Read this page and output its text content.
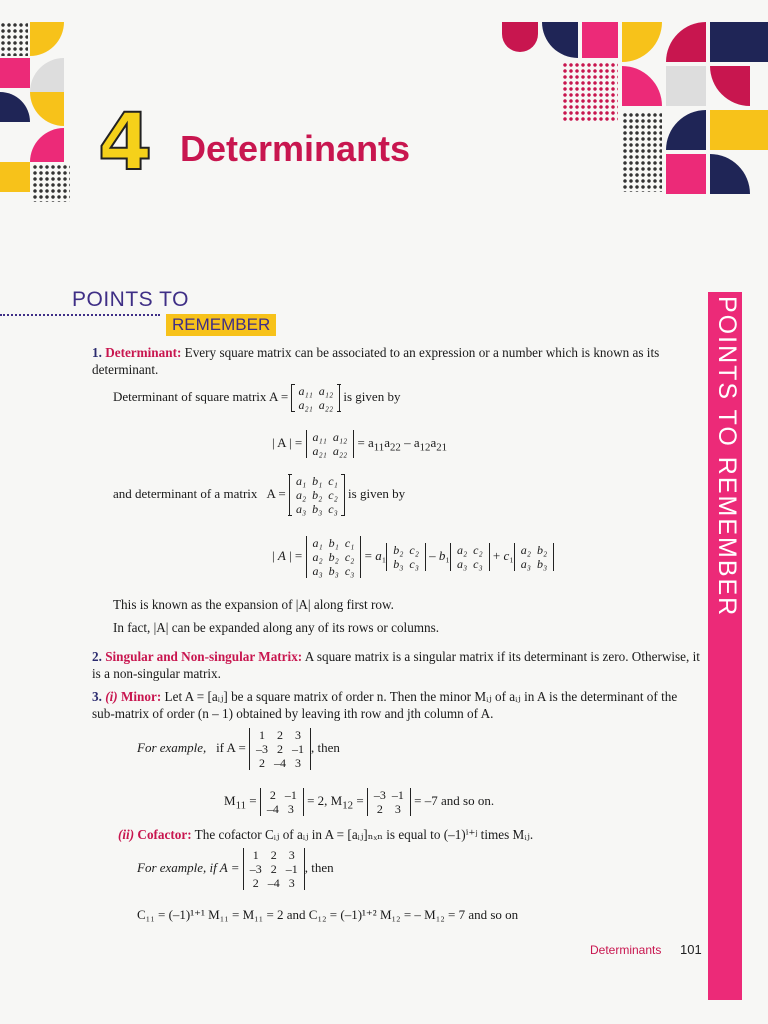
4 Determinants
POINTS TO
REMEMBER	POINTS TO REMEMBER
1. Determinant: Every square matrix can be associated to an expression or a number which is known as its determinant.
Determinant of square matrix A = a₁₁	a₁₂
a₂₁	a₂₂
is given by
| A | = a₁₁	a₁₂
a₂₁	a₂₂
= $a_{11}a_{22} - a_{12}a_{21}$
and determinant of a matrix A =
a₁	b₁	c₁
a₂	b₂	c₂
a₃	b₃	c₃
is given by
| A | =
a₁	b₁	c₁
a₂	b₂	c₂
a₃	b₃	c₃
= a₁ b₂	c₂
b₃	c₃
– b₁ a₂	c₂
a₃	c₃
+ c₁ a₂	b₂
a₃	b₃
This is known as the expansion of |A| along first row.
In fact, |A| can be expanded along any of its rows or columns.
2. Singular and Non-singular Matrix: A square matrix is a singular matrix if its determinant is zero. Otherwise, it is a non-singular matrix.
3. (i) Minor: Let A = [aᵢⱼ] be a square matrix of order n. Then the minor Mᵢⱼ of aᵢⱼ in A is the determinant of the sub-matrix of order (n – 1) obtained by leaving ith row and jth column of A.
For example, if A =
1	2	3
–3	2	–1
2	–4	3
, then
$M_{11} = 2$	–1
–4	3
= 2, $M_{12} = -3$	–1
2	3
= –7 and so on.
(ii) Cofactor: The cofactor Cᵢⱼ of aᵢⱼ in A = [aᵢⱼ]ₙₓₙ is equal to (–1)ⁱ⁺ʲ times Mᵢⱼ.
For example, if A =
1	2	3
–3	2	–1
2	–4	3
, then
C₁₁ = (–1)¹⁺¹ M₁₁ = M₁₁ = 2 and C₁₂ = (–1)¹⁺² M₁₂ = – M₁₂ = 7 and so on
Determinants 101
